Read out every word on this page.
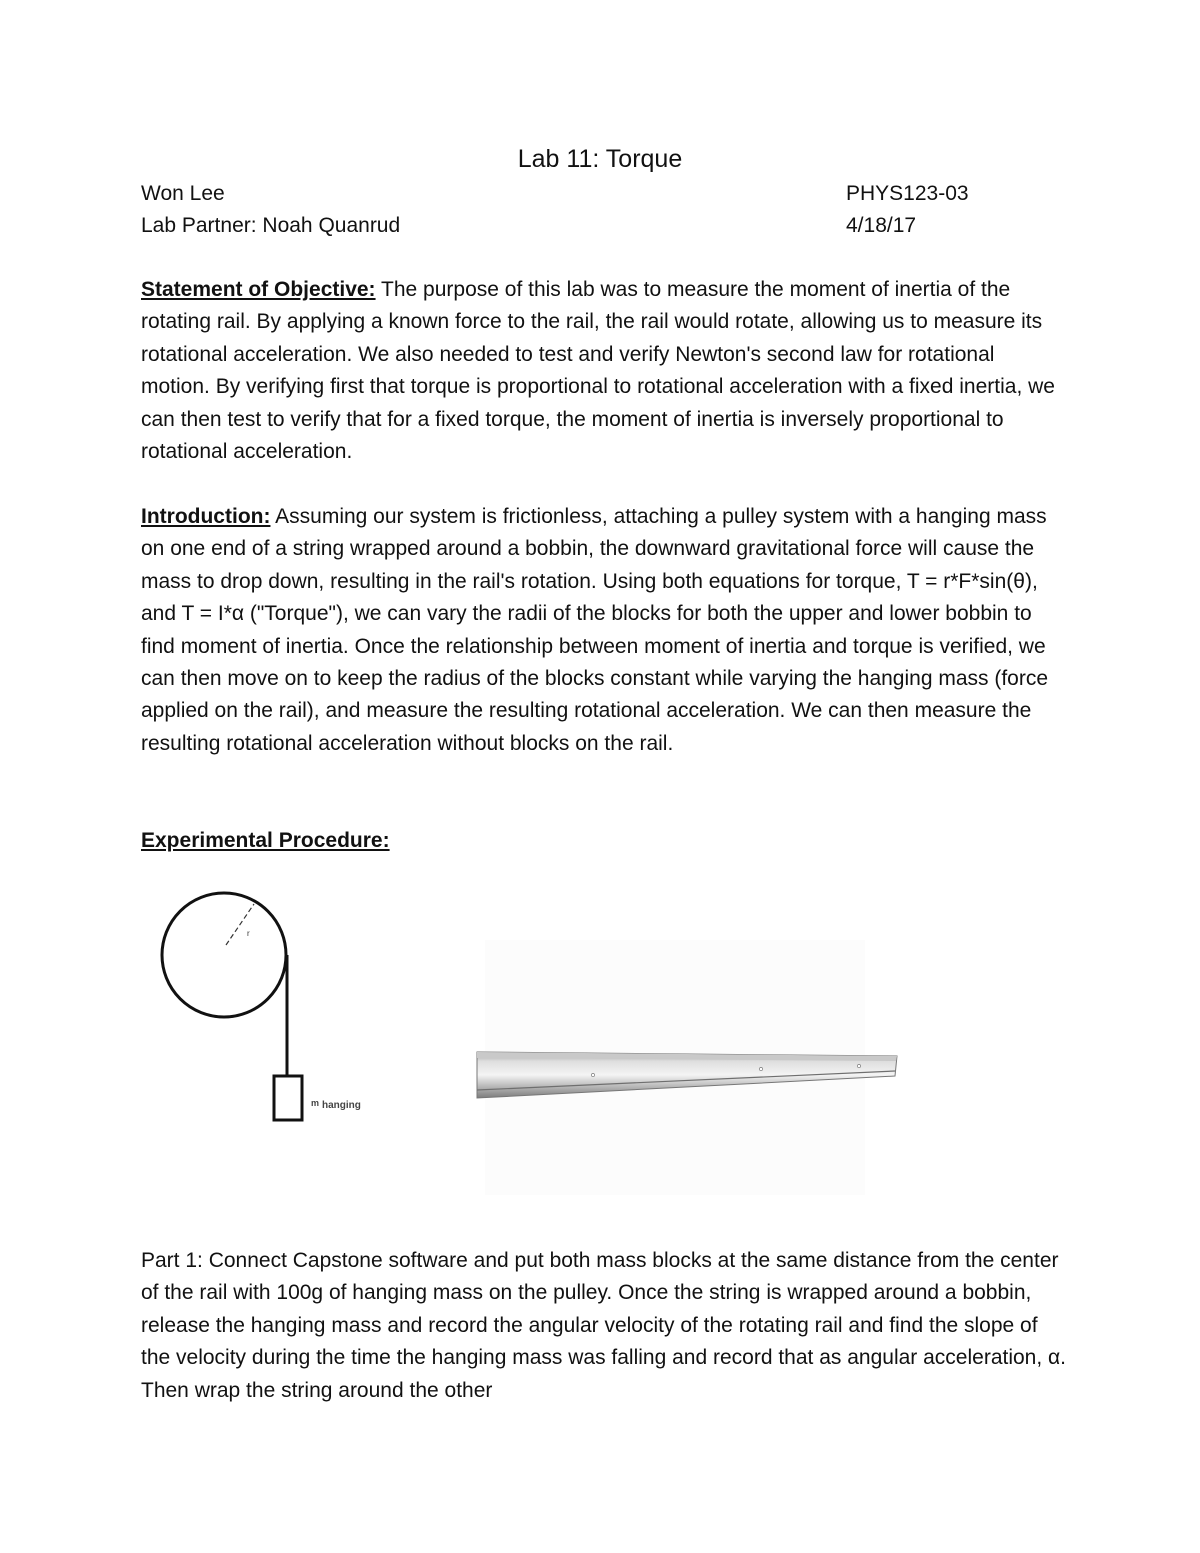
Lab 11: Torque
Won Lee	PHYS123-03
Lab Partner: Noah Quanrud	4/18/17

Statement of Objective: The purpose of this lab was to measure the moment of inertia of the rotating rail. By applying a known force to the rail, the rail would rotate, allowing us to measure its rotational acceleration. We also needed to test and verify Newton's second law for rotational motion. By verifying first that torque is proportional to rotational acceleration with a fixed inertia, we can then test to verify that for a fixed torque, the moment of inertia is inversely proportional to rotational acceleration.

Introduction: Assuming our system is frictionless, attaching a pulley system with a hanging mass on one end of a string wrapped around a bobbin, the downward gravitational force will cause the mass to drop down, resulting in the rail's rotation. Using both equations for torque, T = r*F*sin(θ), and T = I*α ("Torque"), we can vary the radii of the blocks for both the upper and lower bobbin to find moment of inertia. Once the relationship between moment of inertia and torque is verified, we can then move on to keep the radius of the blocks constant while varying the hanging mass (force applied on the rail), and measure the resulting rotational acceleration. We can then measure the resulting rotational acceleration without blocks on the rail.

Experimental Procedure:

r
m hanging

Part 1: Connect Capstone software and put both mass blocks at the same distance from the center of the rail with 100g of hanging mass on the pulley. Once the string is wrapped around a bobbin, release the hanging mass and record the angular velocity of the rotating rail and find the slope of the velocity during the time the hanging mass was falling and record that as angular acceleration, α. Then wrap the string around the other
